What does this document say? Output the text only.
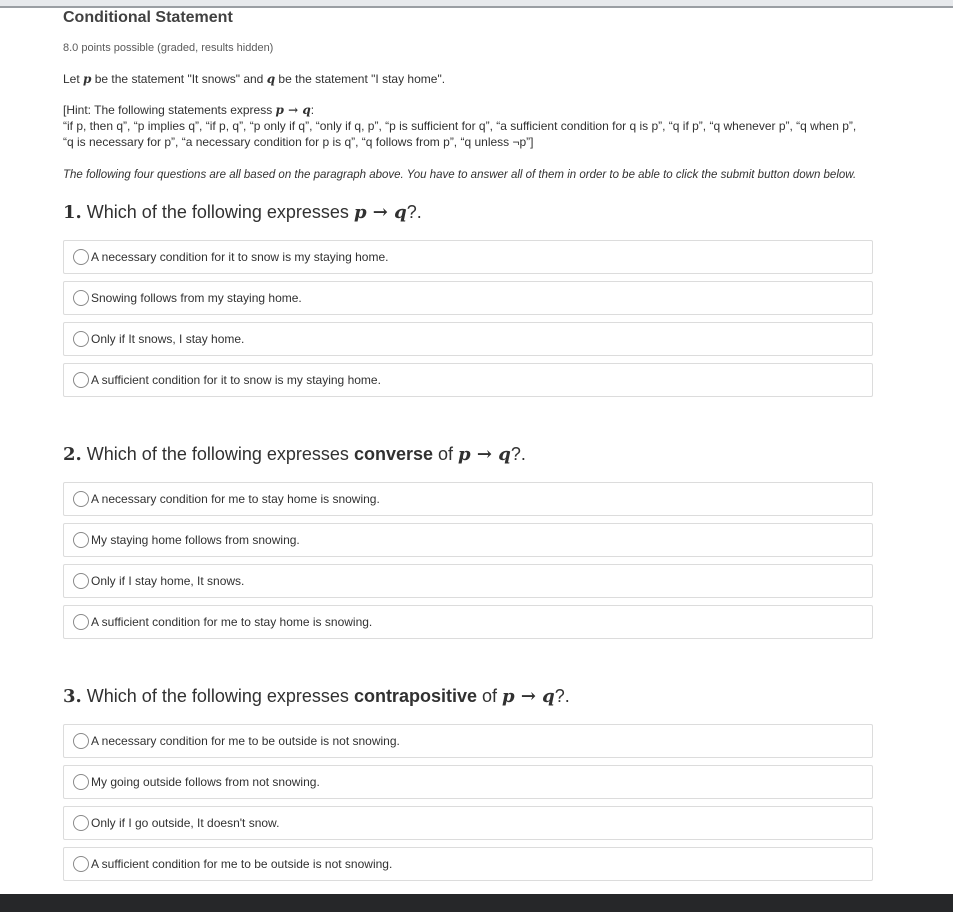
Conditional Statement
8.0 points possible (graded, results hidden)

Let p be the statement "It snows" and q be the statement "I stay home".

[Hint: The following statements express p → q:
“if p, then q”, “p implies q”, “if p, q”, “p only if q”, “only if q, p”, “p is sufficient for q”, “a sufficient condition for q is p”, “q if p”, “q whenever p”, “q when p”,
“q is necessary for p”, “a necessary condition for p is q”, “q follows from p”, “q unless ¬p”]
The following four questions are all based on the paragraph above. You have to answer all of them in order to be able to click the submit button down below.
1. Which of the following expresses p → q?.
A necessary condition for it to snow is my staying home.
Snowing follows from my staying home.
Only if It snows, I stay home.
A sufficient condition for it to snow is my staying home.
2. Which of the following expresses converse of p → q?.
A necessary condition for me to stay home is snowing.
My staying home follows from snowing.
Only if I stay home, It snows.
A sufficient condition for me to stay home is snowing.
3. Which of the following expresses contrapositive of p → q?.
A necessary condition for me to be outside is not snowing.
My going outside follows from not snowing.
Only if I go outside, It doesn't snow.
A sufficient condition for me to be outside is not snowing.
